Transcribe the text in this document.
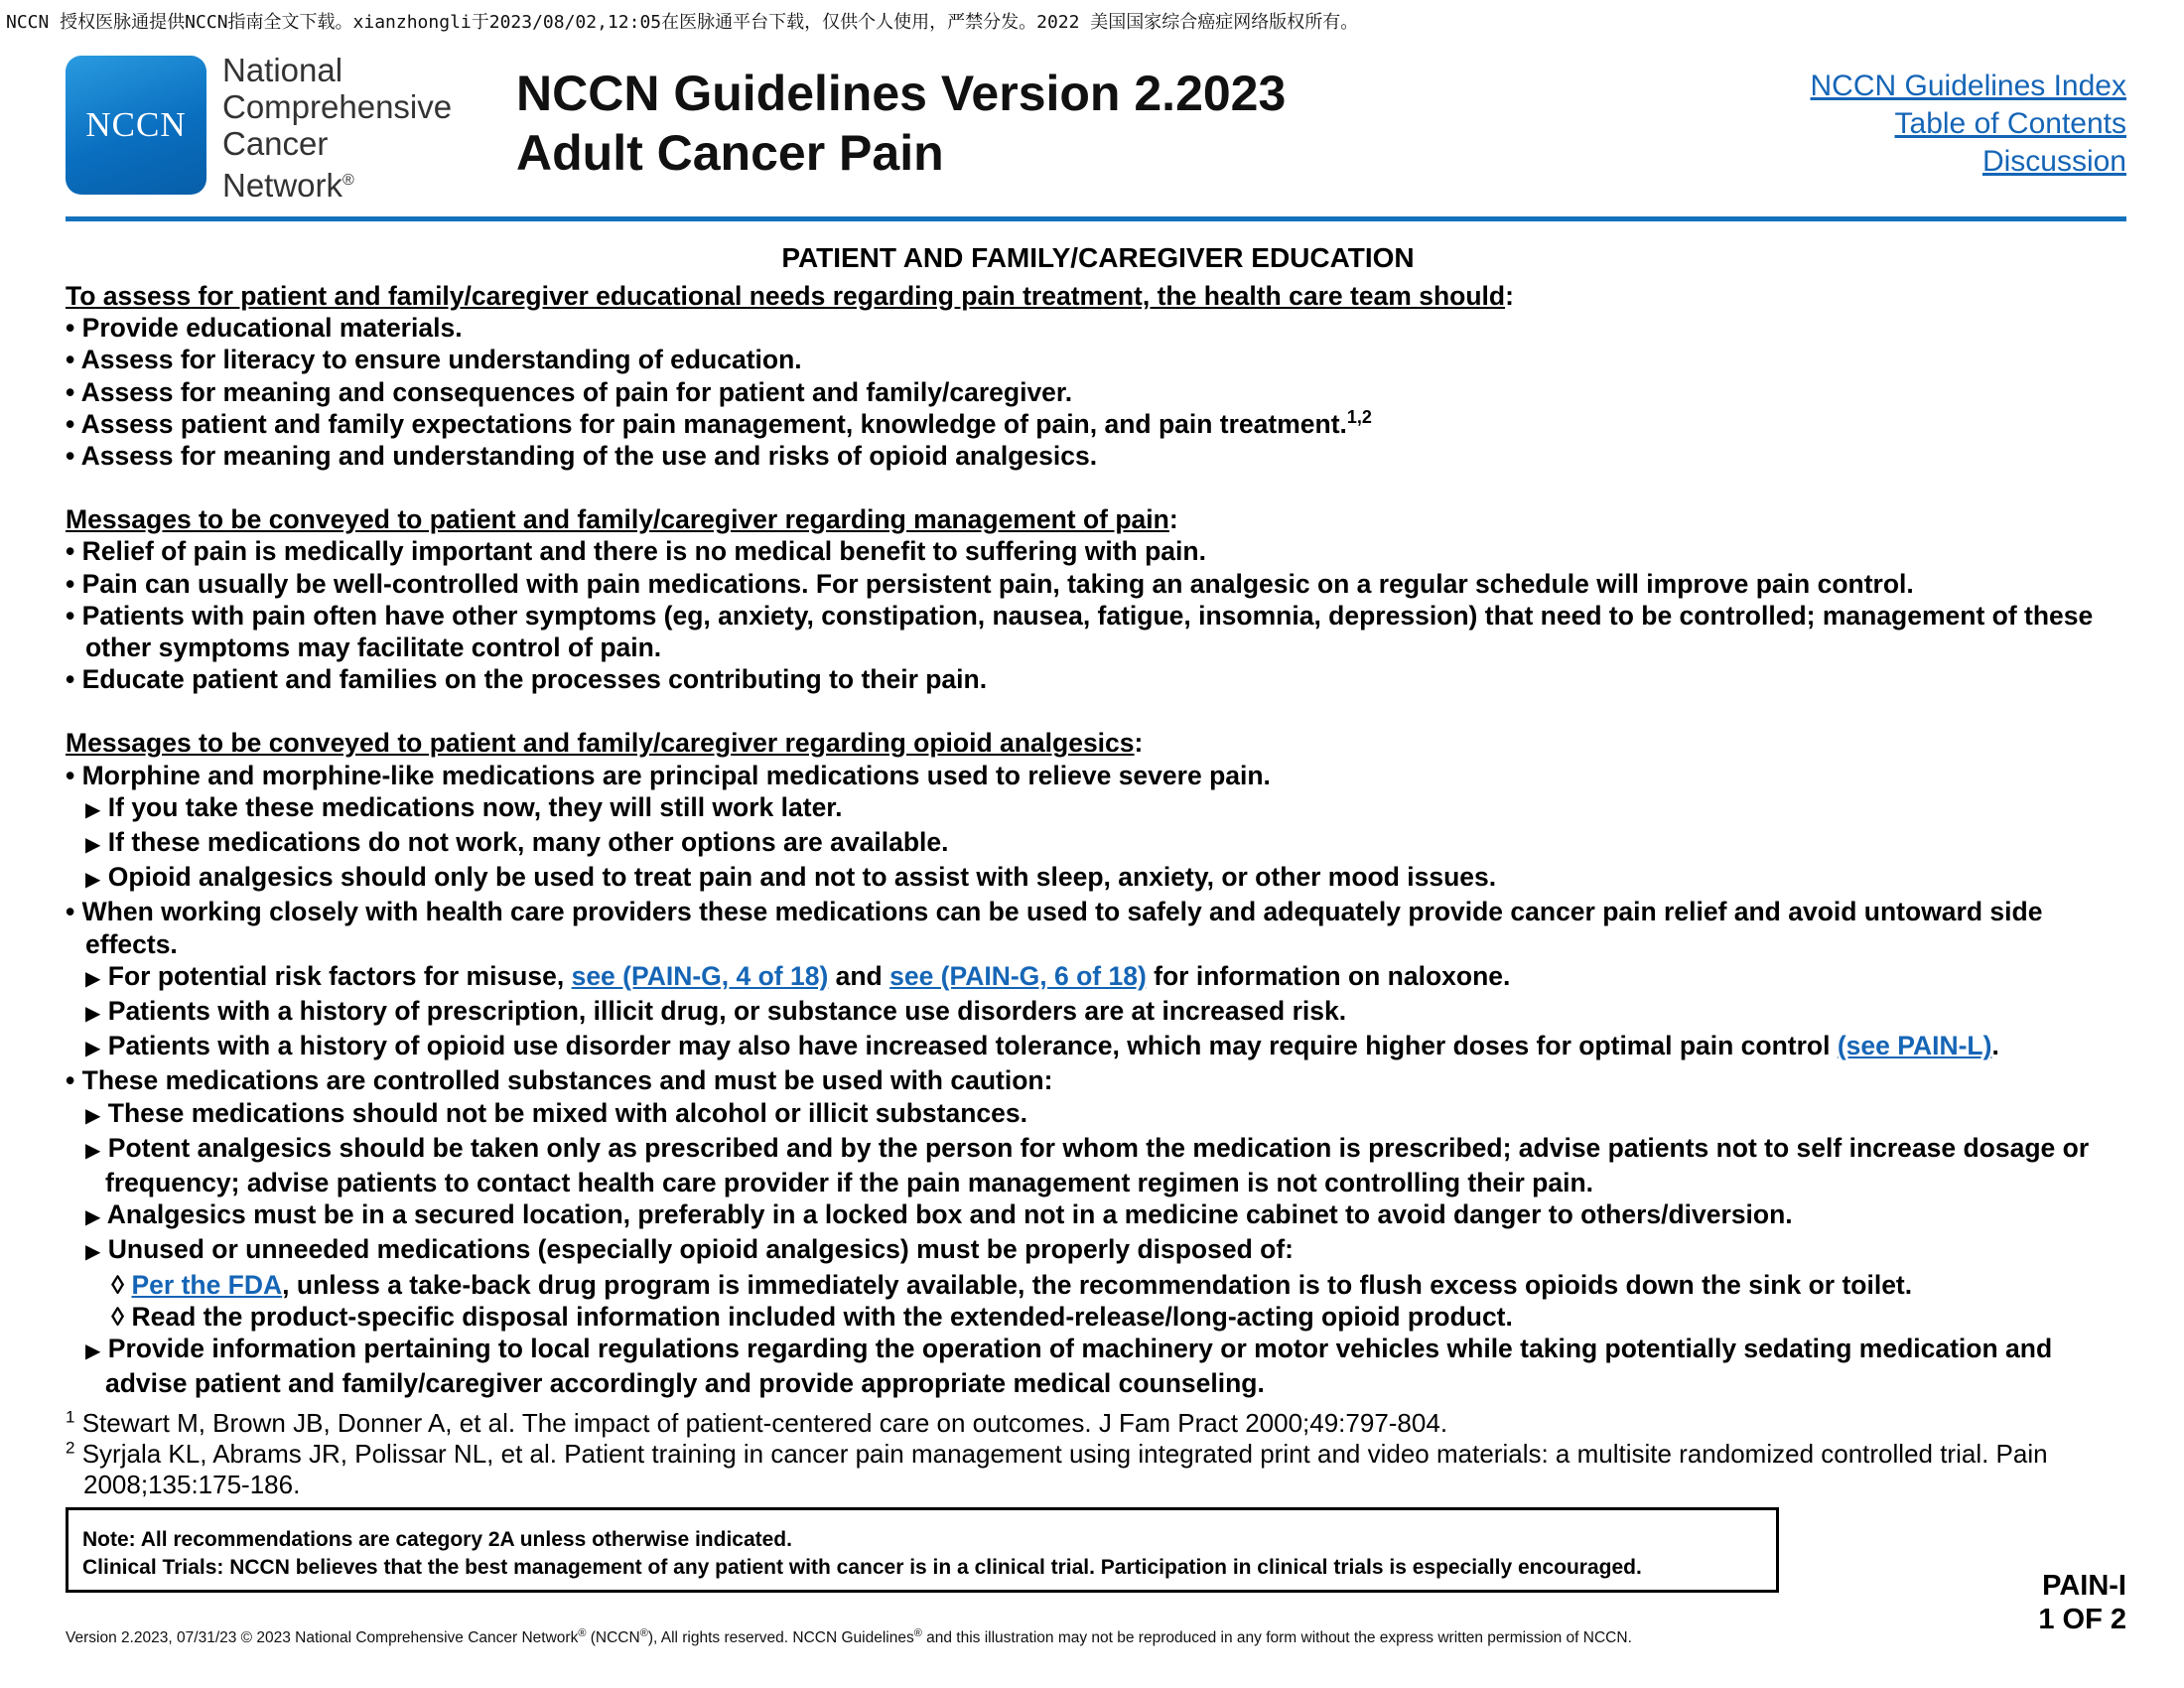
NCCN 授权医脉通提供NCCN指南全文下载。xianzhongli于2023/08/02,12:05在医脉通平台下载，仅供个人使用，严禁分发。2022 美国国家综合癌症网络版权所有。
NCCN
National
Comprehensive
Cancer
Network®
NCCN Guidelines Version 2.2023
Adult Cancer Pain
NCCN Guidelines Index
Table of Contents
Discussion
PATIENT AND FAMILY/CAREGIVER EDUCATION
To assess for patient and family/caregiver educational needs regarding pain treatment, the health care team should:
• Provide educational materials.
• Assess for literacy to ensure understanding of education.
• Assess for meaning and consequences of pain for patient and family/caregiver.
• Assess patient and family expectations for pain management, knowledge of pain, and pain treatment.$^{1,2}$
• Assess for meaning and understanding of the use and risks of opioid analgesics.
Messages to be conveyed to patient and family/caregiver regarding management of pain:
• Relief of pain is medically important and there is no medical benefit to suffering with pain.
• Pain can usually be well-controlled with pain medications. For persistent pain, taking an analgesic on a regular schedule will improve pain control.
• Patients with pain often have other symptoms (eg, anxiety, constipation, nausea, fatigue, insomnia, depression) that need to be controlled; management of these other symptoms may facilitate control of pain.
• Educate patient and families on the processes contributing to their pain.
Messages to be conveyed to patient and family/caregiver regarding opioid analgesics:
• Morphine and morphine-like medications are principal medications used to relieve severe pain.
▶ If you take these medications now, they will still work later.
▶ If these medications do not work, many other options are available.
▶ Opioid analgesics should only be used to treat pain and not to assist with sleep, anxiety, or other mood issues.
• When working closely with health care providers these medications can be used to safely and adequately provide cancer pain relief and avoid untoward side effects.
▶ For potential risk factors for misuse, see (PAIN-G, 4 of 18) and see (PAIN-G, 6 of 18) for information on naloxone.
▶ Patients with a history of prescription, illicit drug, or substance use disorders are at increased risk.
▶ Patients with a history of opioid use disorder may also have increased tolerance, which may require higher doses for optimal pain control (see PAIN-L).
• These medications are controlled substances and must be used with caution:
▶ These medications should not be mixed with alcohol or illicit substances.
▶ Potent analgesics should be taken only as prescribed and by the person for whom the medication is prescribed; advise patients not to self increase dosage or frequency; advise patients to contact health care provider if the pain management regimen is not controlling their pain.
▶ Analgesics must be in a secured location, preferably in a locked box and not in a medicine cabinet to avoid danger to others/diversion.
▶ Unused or unneeded medications (especially opioid analgesics) must be properly disposed of:
◊ Per the FDA, unless a take-back drug program is immediately available, the recommendation is to flush excess opioids down the sink or toilet.
◊ Read the product-specific disposal information included with the extended-release/long-acting opioid product.
▶ Provide information pertaining to local regulations regarding the operation of machinery or motor vehicles while taking potentially sedating medication and advise patient and family/caregiver accordingly and provide appropriate medical counseling.
$^1$ Stewart M, Brown JB, Donner A, et al. The impact of patient-centered care on outcomes. J Fam Pract 2000;49:797-804.
$^2$ Syrjala KL, Abrams JR, Polissar NL, et al. Patient training in cancer pain management using integrated print and video materials: a multisite randomized controlled trial. Pain 2008;135:175-186.
Note: All recommendations are category 2A unless otherwise indicated.
Clinical Trials: NCCN believes that the best management of any patient with cancer is in a clinical trial. Participation in clinical trials is especially encouraged.
Version 2.2023, 07/31/23 © 2023 National Comprehensive Cancer Network® (NCCN®), All rights reserved. NCCN Guidelines® and this illustration may not be reproduced in any form without the express written permission of NCCN.
PAIN-I
1 OF 2
